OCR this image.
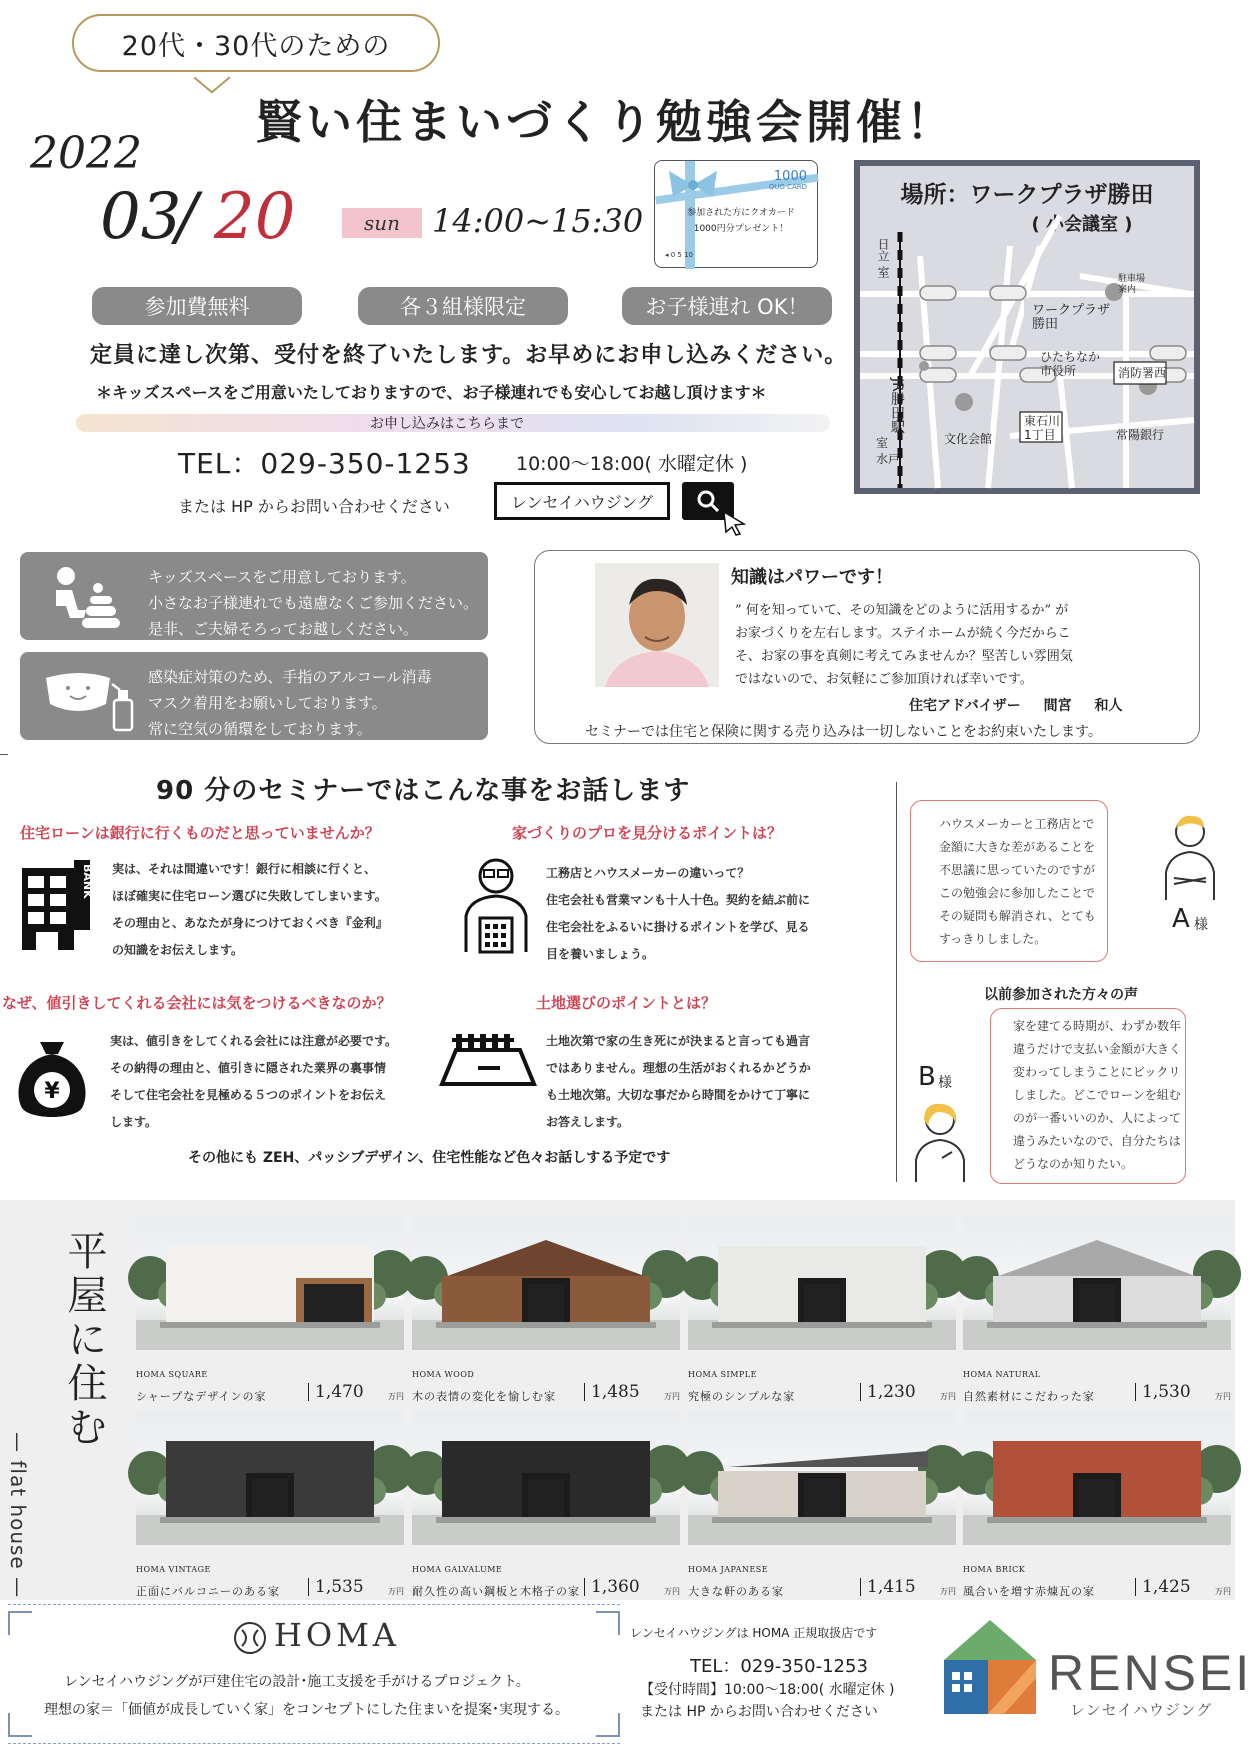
20代・30代のための
賢い住まいづくり勉強会開催！
2022
03
/ 20	sun 14:00~15:30
1000
QUO CARD
参加された方にクオカード
1000円分プレゼント！
◂ 0 5 10
参加費無料	各３組様限定	お子様連れ OK！
定員に達し次第、受付を終了いたします。お早めにお申し込みください。
＊キッズスペースをご用意いたしておりますので、お子様連れでも安心してお越し頂けます＊
お申し込みはこちらまで
TEL：029-350-1253 10:00～18:00( 水曜定休 )
または HP からお問い合わせください	レンセイハウジング
場所：ワークプラザ勝田
( 小会議室 )
日立
室
JR勝田駅
室
水戸
ワークプラザ勝田
駐車場案内
ひたちなか市役所	消防署西
文化会館
東石川1丁目	常陽銀行
キッズスペースをご用意しております。
小さなお子様連れでも遠慮なくご参加ください。
是非、ご夫婦そろってお越しください。
感染症対策のため、手指のアルコール消毒
マスク着用をお願いしております。
常に空気の循環をしております。
知識はパワーです！
” 何を知っていて、その知識をどのように活用するか” が
お家づくりを左右します。ステイホームが続く今だからこ
そ、お家の事を真剣に考えてみませんか？堅苦しい雰囲気
ではないので、お気軽にご参加頂ければ幸いです。
住宅アドバイザー 間宮 和人
セミナーでは住宅と保険に関する売り込みは一切しないことをお約束いたします。
90 分のセミナーではこんな事をお話します
住宅ローンは銀行に行くものだと思っていませんか？
実は、それは間違いです！銀行に相談に行くと、
ほぼ確実に住宅ローン選びに失敗してしまいます。
その理由と、あなたが身につけておくべき『金利』
の知識をお伝えします。
BANK
家づくりのプロを見分けるポイントは？
工務店とハウスメーカーの違いって？
住宅会社も営業マンも十人十色。契約を結ぶ前に
住宅会社をふるいに掛けるポイントを学び、見る
目を養いましょう。
なぜ、値引きしてくれる会社には気をつけるべきなのか？
実は、値引きをしてくれる会社には注意が必要です。
その納得の理由と、値引きに隠された業界の裏事情
そして住宅会社を見極める５つのポイントをお伝え
します。
¥
土地選びのポイントとは？
土地次第で家の生き死にが決まると言っても過言
ではありません。理想の生活がおくれるかどうか
も土地次第。大切な事だから時間をかけて丁寧に
お答えします。
その他にも ZEH、パッシブデザイン、住宅性能など色々お話しする予定です
ハウスメーカーと工務店とで
金額に大きな差があることを
不思議に思っていたのですが
この勉強会に参加したことで
その疑問も解消され、とても
すっきりしました。
A 様
以前参加された方々の声
家を建てる時期が、わずか数年
違うだけで支払い金額が大きく
変わってしまうことにビックリ
しました。どこでローンを組む
のが一番いいのか、人によって
違うみたいなので、自分たちは
どうなのか知りたい。
B 様
平屋に住む
— flat house —
HOMA SQUARE
シャープなデザインの家	1,470	万円
HOMA WOOD
木の表情の変化を愉しむ家	1,485	万円
HOMA SIMPLE
究極のシンプルな家	1,230	万円
HOMA NATURAL
自然素材にこだわった家	1,530	万円
HOMA VINTAGE
正面にバルコニーのある家	1,535	万円
HOMA GALVALUME
耐久性の高い鋼板と木格子の家 1,360	万円
HOMA JAPANESE
大きな軒のある家	1,415	万円
HOMA BRICK
風合いを増す赤煉瓦の家	1,425	万円
HOMA
レンセイハウジングが戸建住宅の設計･施工支援を手がけるプロジェクト。
理想の家＝「価値が成長していく家」をコンセプトにした住まいを提案･実現する。
レンセイハウジングは HOMA 正規取扱店です
TEL：029-350-1253
【受付時間】10:00～18:00( 水曜定休 )
または HP からお問い合わせください
RENSEI
レンセイハウジング
